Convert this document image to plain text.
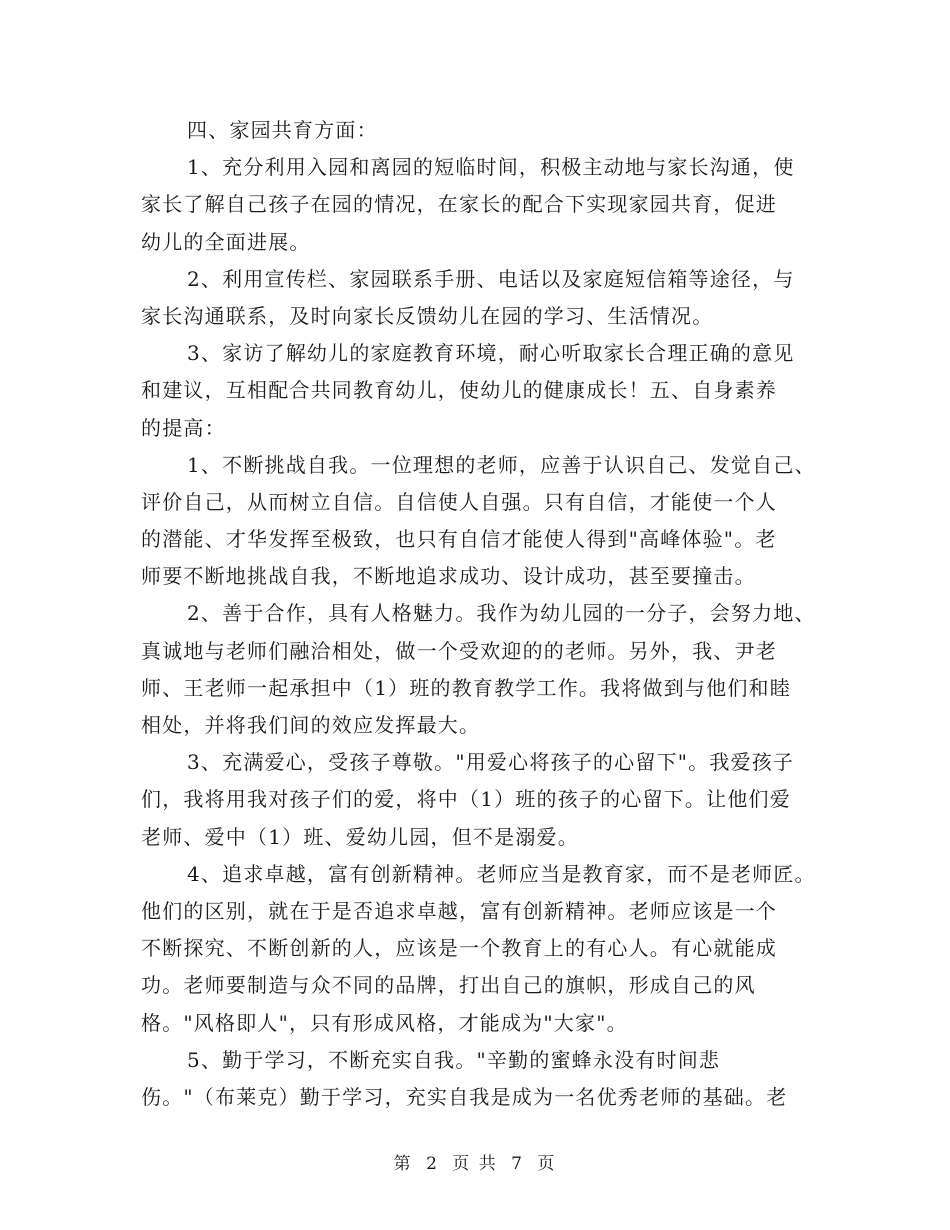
四、家园共育方面：
1、充分利用入园和离园的短临时间，积极主动地与家长沟通，使
家长了解自己孩子在园的情况，在家长的配合下实现家园共育，促进
幼儿的全面进展。
2、利用宣传栏、家园联系手册、电话以及家庭短信箱等途径，与
家长沟通联系，及时向家长反馈幼儿在园的学习、生活情况。
3、家访了解幼儿的家庭教育环境，耐心听取家长合理正确的意见
和建议，互相配合共同教育幼儿，使幼儿的健康成长！五、自身素养
的提高：
1、不断挑战自我。一位理想的老师，应善于认识自己、发觉自己、
评价自己，从而树立自信。自信使人自强。只有自信，才能使一个人
的潜能、才华发挥至极致，也只有自信才能使人得到"高峰体验"。老
师要不断地挑战自我，不断地追求成功、设计成功，甚至要撞击。
2、善于合作，具有人格魅力。我作为幼儿园的一分子，会努力地、
真诚地与老师们融洽相处，做一个受欢迎的的老师。另外，我、尹老
师、王老师一起承担中（1）班的教育教学工作。我将做到与他们和睦
相处，并将我们间的效应发挥最大。
3、充满爱心，受孩子尊敬。"用爱心将孩子的心留下"。我爱孩子
们，我将用我对孩子们的爱，将中（1）班的孩子的心留下。让他们爱
老师、爱中（1）班、爱幼儿园，但不是溺爱。
4、追求卓越，富有创新精神。老师应当是教育家，而不是老师匠。
他们的区别，就在于是否追求卓越，富有创新精神。老师应该是一个
不断探究、不断创新的人，应该是一个教育上的有心人。有心就能成
功。老师要制造与众不同的品牌，打出自己的旗帜，形成自己的风
格。"风格即人"，只有形成风格，才能成为"大家"。
5、勤于学习，不断充实自我。"辛勤的蜜蜂永没有时间悲
伤。"（布莱克）勤于学习，充实自我是成为一名优秀老师的基础。老
第 2 页 共 7 页
